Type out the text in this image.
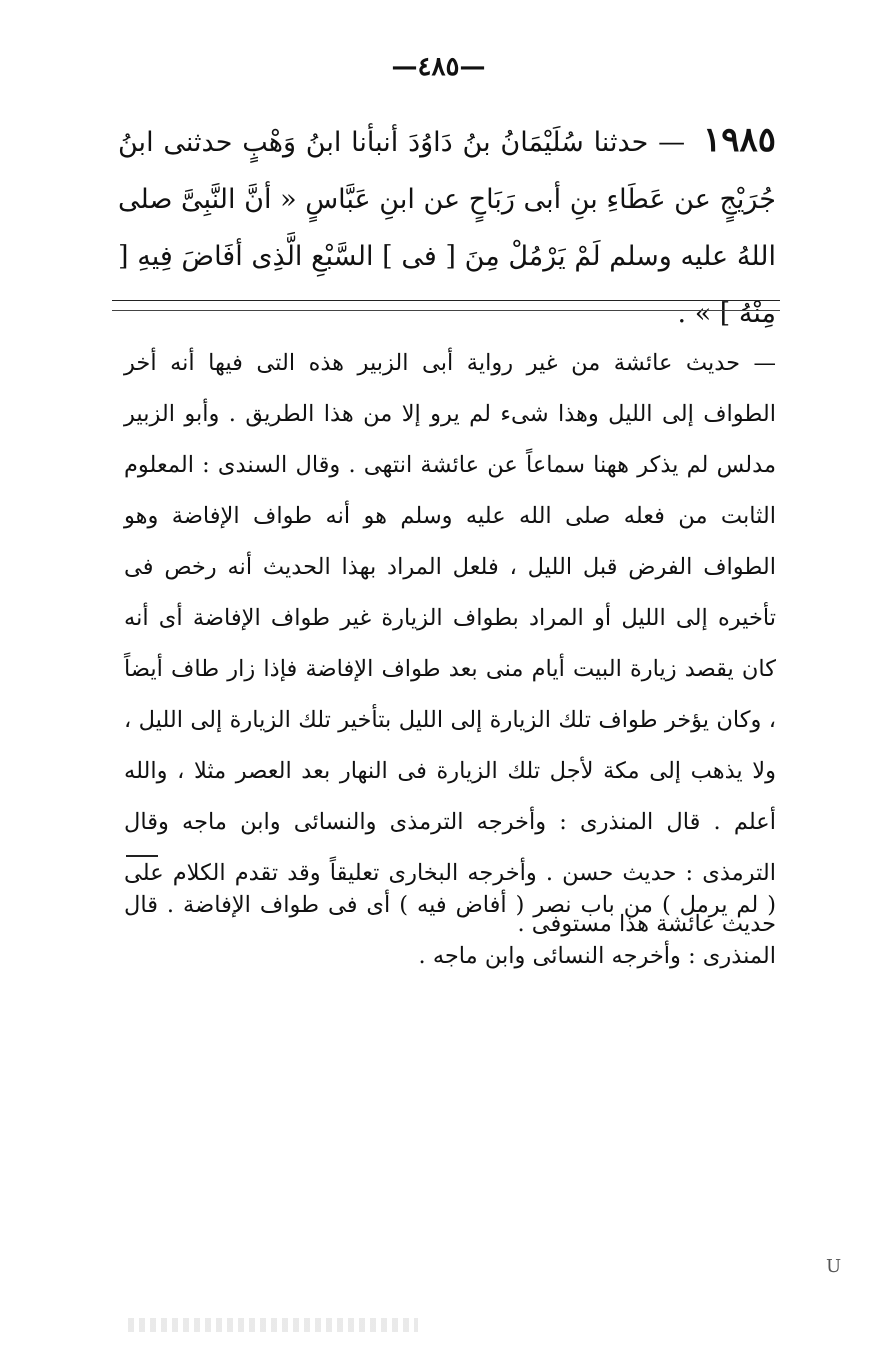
—٤٨٥—
١٩٨٥ — حدثنا سُلَيْمَانُ بنُ دَاوُدَ أنبأنا ابنُ وَهْبٍ حدثنى ابنُ جُرَيْجٍ عن عَطَاءِ بنِ أبى رَبَاحٍ عن ابنِ عَبَّاسٍ « أنَّ النَّبِىَّ صلى اللهُ عليه وسلم لَمْ يَرْمُلْ مِنَ [ فى ] السَّبْعِ الَّذِى أفَاضَ فِيهِ [ مِنْهُ ] » .
— حديث عائشة من غير رواية أبى الزبير هذه التى فيها أنه أخر الطواف إلى الليل وهذا شىء لم يرو إلا من هذا الطريق . وأبو الزبير مدلس لم يذكر ههنا سماعاً عن عائشة انتهى . وقال السندى : المعلوم الثابت من فعله صلى الله عليه وسلم هو أنه طواف الإفاضة وهو الطواف الفرض قبل الليل ، فلعل المراد بهذا الحديث أنه رخص فى تأخيره إلى الليل أو المراد بطواف الزيارة غير طواف الإفاضة أى أنه كان يقصد زيارة البيت أيام منى بعد طواف الإفاضة فإذا زار طاف أيضاً ، وكان يؤخر طواف تلك الزيارة إلى الليل بتأخير تلك الزيارة إلى الليل ، ولا يذهب إلى مكة لأجل تلك الزيارة فى النهار بعد العصر مثلا ، والله أعلم . قال المنذرى : وأخرجه الترمذى والنسائى وابن ماجه وقال الترمذى : حديث حسن . وأخرجه البخارى تعليقاً وقد تقدم الكلام على حديث عائشة هذا مستوفى .
( لم يرمل ) من باب نصر ( أفاض فيه ) أى فى طواف الإفاضة . قال المنذرى : وأخرجه النسائى وابن ماجه .
U
